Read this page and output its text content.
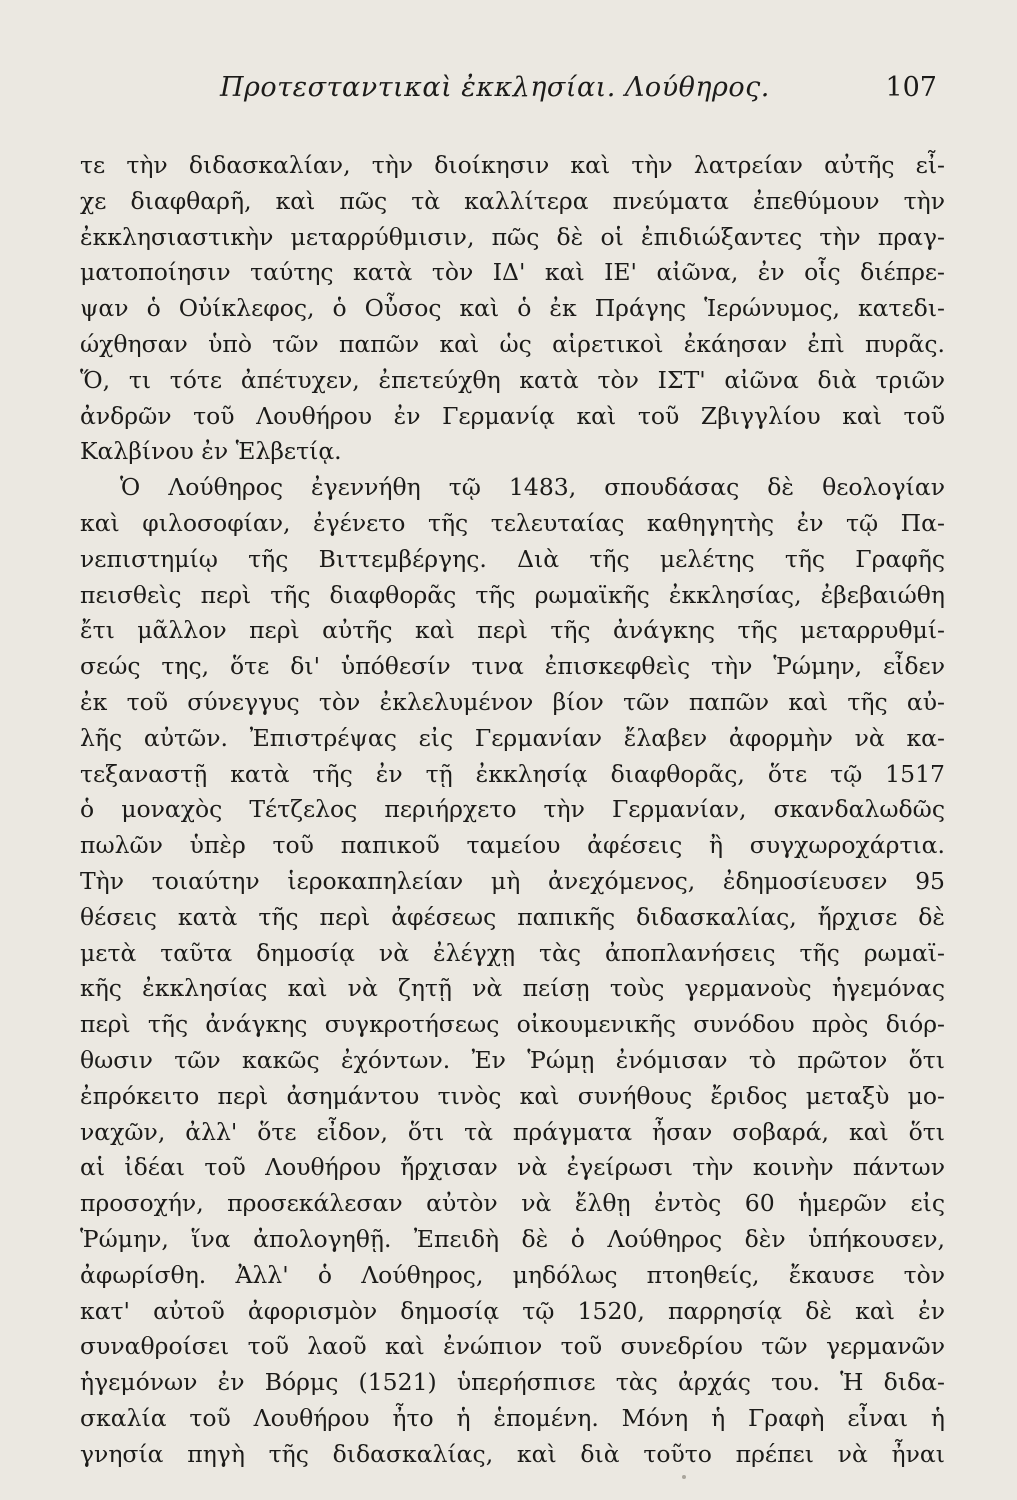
Προτεσταντικαὶ ἐκκλησίαι. Λούθηρος.	107
τε τὴν διδασκαλίαν, τὴν διοίκησιν καὶ τὴν λατρείαν αὐτῆς εἶ-
χε διαφθαρῆ, καὶ πῶς τὰ καλλίτερα πνεύματα ἐπεθύμουν τὴν
ἐκκλησιαστικὴν μεταρρύθμισιν, πῶς δὲ οἱ ἐπιδιώξαντες τὴν πραγ-
ματοποίησιν ταύτης κατὰ τὸν ΙΔ' καὶ ΙΕ' αἰῶνα, ἐν οἷς διέπρε-
ψαν ὁ Οὐίκλεφος, ὁ Οὖσος καὶ ὁ ἐκ Πράγης Ἱερώνυμος, κατεδι-
ώχθησαν ὑπὸ τῶν παπῶν καὶ ὡς αἱρετικοὶ ἐκάησαν ἐπὶ πυρᾶς.
Ὅ, τι τότε ἀπέτυχεν, ἐπετεύχθη κατὰ τὸν ΙΣΤ' αἰῶνα διὰ τριῶν
ἀνδρῶν τοῦ Λουθήρου ἐν Γερμανίᾳ καὶ τοῦ Ζβιγγλίου καὶ τοῦ
Καλβίνου ἐν Ἑλβετίᾳ.
Ὁ Λούθηρος ἐγεννήθη τῷ 1483, σπουδάσας δὲ θεολογίαν
καὶ φιλοσοφίαν, ἐγένετο τῆς τελευταίας καθηγητὴς ἐν τῷ Πα-
νεπιστημίῳ τῆς Βιττεμβέργης. Διὰ τῆς μελέτης τῆς Γραφῆς
πεισθεὶς περὶ τῆς διαφθορᾶς τῆς ρωμαϊκῆς ἐκκλησίας, ἐβεβαιώθη
ἔτι μᾶλλον περὶ αὐτῆς καὶ περὶ τῆς ἀνάγκης τῆς μεταρρυθμί-
σεώς της, ὅτε δι' ὑπόθεσίν τινα ἐπισκεφθεὶς τὴν Ῥώμην, εἶδεν
ἐκ τοῦ σύνεγγυς τὸν ἐκλελυμένον βίον τῶν παπῶν καὶ τῆς αὐ-
λῆς αὐτῶν. Ἐπιστρέψας εἰς Γερμανίαν ἔλαβεν ἀφορμὴν νὰ κα-
τεξαναστῇ κατὰ τῆς ἐν τῇ ἐκκλησίᾳ διαφθορᾶς, ὅτε τῷ 1517
ὁ μοναχὸς Τέτζελος περιήρχετο τὴν Γερμανίαν, σκανδαλωδῶς
πωλῶν ὑπὲρ τοῦ παπικοῦ ταμείου ἀφέσεις ἢ συγχωροχάρτια.
Τὴν τοιαύτην ἱεροκαπηλείαν μὴ ἀνεχόμενος, ἐδημοσίευσεν 95
θέσεις κατὰ τῆς περὶ ἀφέσεως παπικῆς διδασκαλίας, ἤρχισε δὲ
μετὰ ταῦτα δημοσίᾳ νὰ ἐλέγχῃ τὰς ἀποπλανήσεις τῆς ρωμαϊ-
κῆς ἐκκλησίας καὶ νὰ ζητῇ νὰ πείσῃ τοὺς γερμανοὺς ἡγεμόνας
περὶ τῆς ἀνάγκης συγκροτήσεως οἰκουμενικῆς συνόδου πρὸς διόρ-
θωσιν τῶν κακῶς ἐχόντων. Ἐν Ῥώμῃ ἐνόμισαν τὸ πρῶτον ὅτι
ἐπρόκειτο περὶ ἀσημάντου τινὸς καὶ συνήθους ἔριδος μεταξὺ μο-
ναχῶν, ἀλλ' ὅτε εἶδον, ὅτι τὰ πράγματα ἦσαν σοβαρά, καὶ ὅτι
αἱ ἰδέαι τοῦ Λουθήρου ἤρχισαν νὰ ἐγείρωσι τὴν κοινὴν πάντων
προσοχήν, προσεκάλεσαν αὐτὸν νὰ ἔλθῃ ἐντὸς 60 ἡμερῶν εἰς
Ῥώμην, ἵνα ἀπολογηθῇ. Ἐπειδὴ δὲ ὁ Λούθηρος δὲν ὑπήκουσεν,
ἀφωρίσθη. Ἀλλ' ὁ Λούθηρος, μηδόλως πτοηθείς, ἔκαυσε τὸν
κατ' αὐτοῦ ἀφορισμὸν δημοσίᾳ τῷ 1520, παρρησίᾳ δὲ καὶ ἐν
συναθροίσει τοῦ λαοῦ καὶ ἐνώπιον τοῦ συνεδρίου τῶν γερμανῶν
ἡγεμόνων ἐν Βόρμς (1521) ὑπερήσπισε τὰς ἀρχάς του. Ἡ διδα-
σκαλία τοῦ Λουθήρου ἦτο ἡ ἑπομένη. Μόνη ἡ Γραφὴ εἶναι ἡ
γνησία πηγὴ τῆς διδασκαλίας, καὶ διὰ τοῦτο πρέπει νὰ ἦναι
